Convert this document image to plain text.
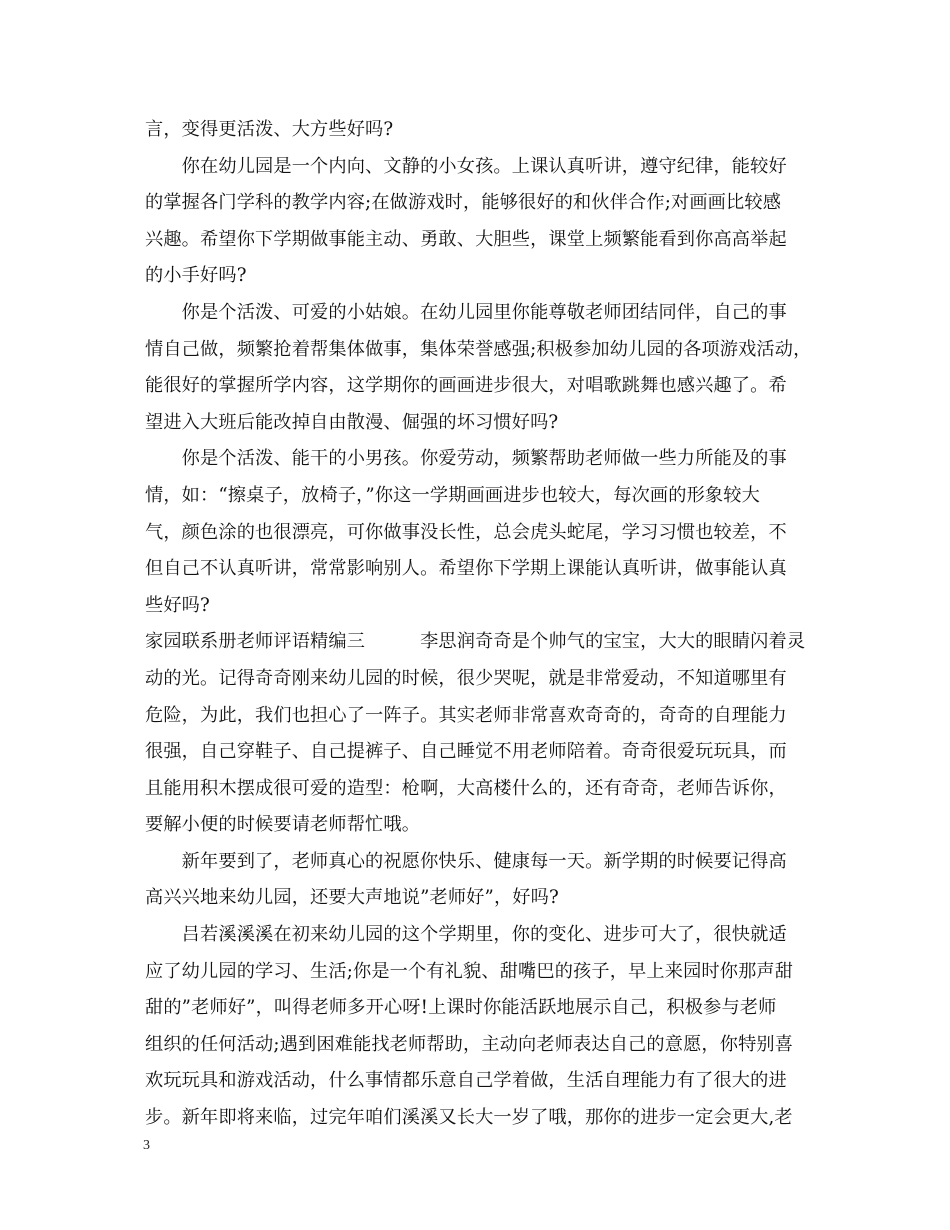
言，变得更活泼、大方些好吗?
　　你在幼儿园是一个内向、文静的小女孩。上课认真听讲，遵守纪律，能较好
的掌握各门学科的教学内容;在做游戏时，能够很好的和伙伴合作;对画画比较感
兴趣。希望你下学期做事能主动、勇敢、大胆些，课堂上频繁能看到你高高举起
的小手好吗?
　　你是个活泼、可爱的小姑娘。在幼儿园里你能尊敬老师团结同伴，自己的事
情自己做，频繁抢着帮集体做事，集体荣誉感强;积极参加幼儿园的各项游戏活动，
能很好的掌握所学内容，这学期你的画画进步很大，对唱歌跳舞也感兴趣了。希
望进入大班后能改掉自由散漫、倔强的坏习惯好吗?
　　你是个活泼、能干的小男孩。你爱劳动，频繁帮助老师做一些力所能及的事
情，如：“擦桌子，放椅子，”你这一学期画画进步也较大，每次画的形象较大
气，颜色涂的也很漂亮，可你做事没长性，总会虎头蛇尾，学习习惯也较差，不
但自己不认真听讲，常常影响别人。希望你下学期上课能认真听讲，做事能认真
些好吗?
家园联系册老师评语精编三　　　李思润奇奇是个帅气的宝宝，大大的眼睛闪着灵
动的光。记得奇奇刚来幼儿园的时候，很少哭呢，就是非常爱动，不知道哪里有
危险，为此，我们也担心了一阵子。其实老师非常喜欢奇奇的，奇奇的自理能力
很强，自己穿鞋子、自己提裤子、自己睡觉不用老师陪着。奇奇很爱玩玩具，而
且能用积木摆成很可爱的造型：枪啊，大高楼什么的，还有奇奇，老师告诉你，
要解小便的时候要请老师帮忙哦。
　　新年要到了，老师真心的祝愿你快乐、健康每一天。新学期的时候要记得高
高兴兴地来幼儿园，还要大声地说”老师好”，好吗?
　　吕若溪溪溪在初来幼儿园的这个学期里，你的变化、进步可大了，很快就适
应了幼儿园的学习、生活;你是一个有礼貌、甜嘴巴的孩子，早上来园时你那声甜
甜的”老师好”，叫得老师多开心呀!上课时你能活跃地展示自己，积极参与老师
组织的任何活动;遇到困难能找老师帮助，主动向老师表达自己的意愿，你特别喜
欢玩玩具和游戏活动，什么事情都乐意自己学着做，生活自理能力有了很大的进
步。新年即将来临，过完年咱们溪溪又长大一岁了哦，那你的进步一定会更大,老
3
